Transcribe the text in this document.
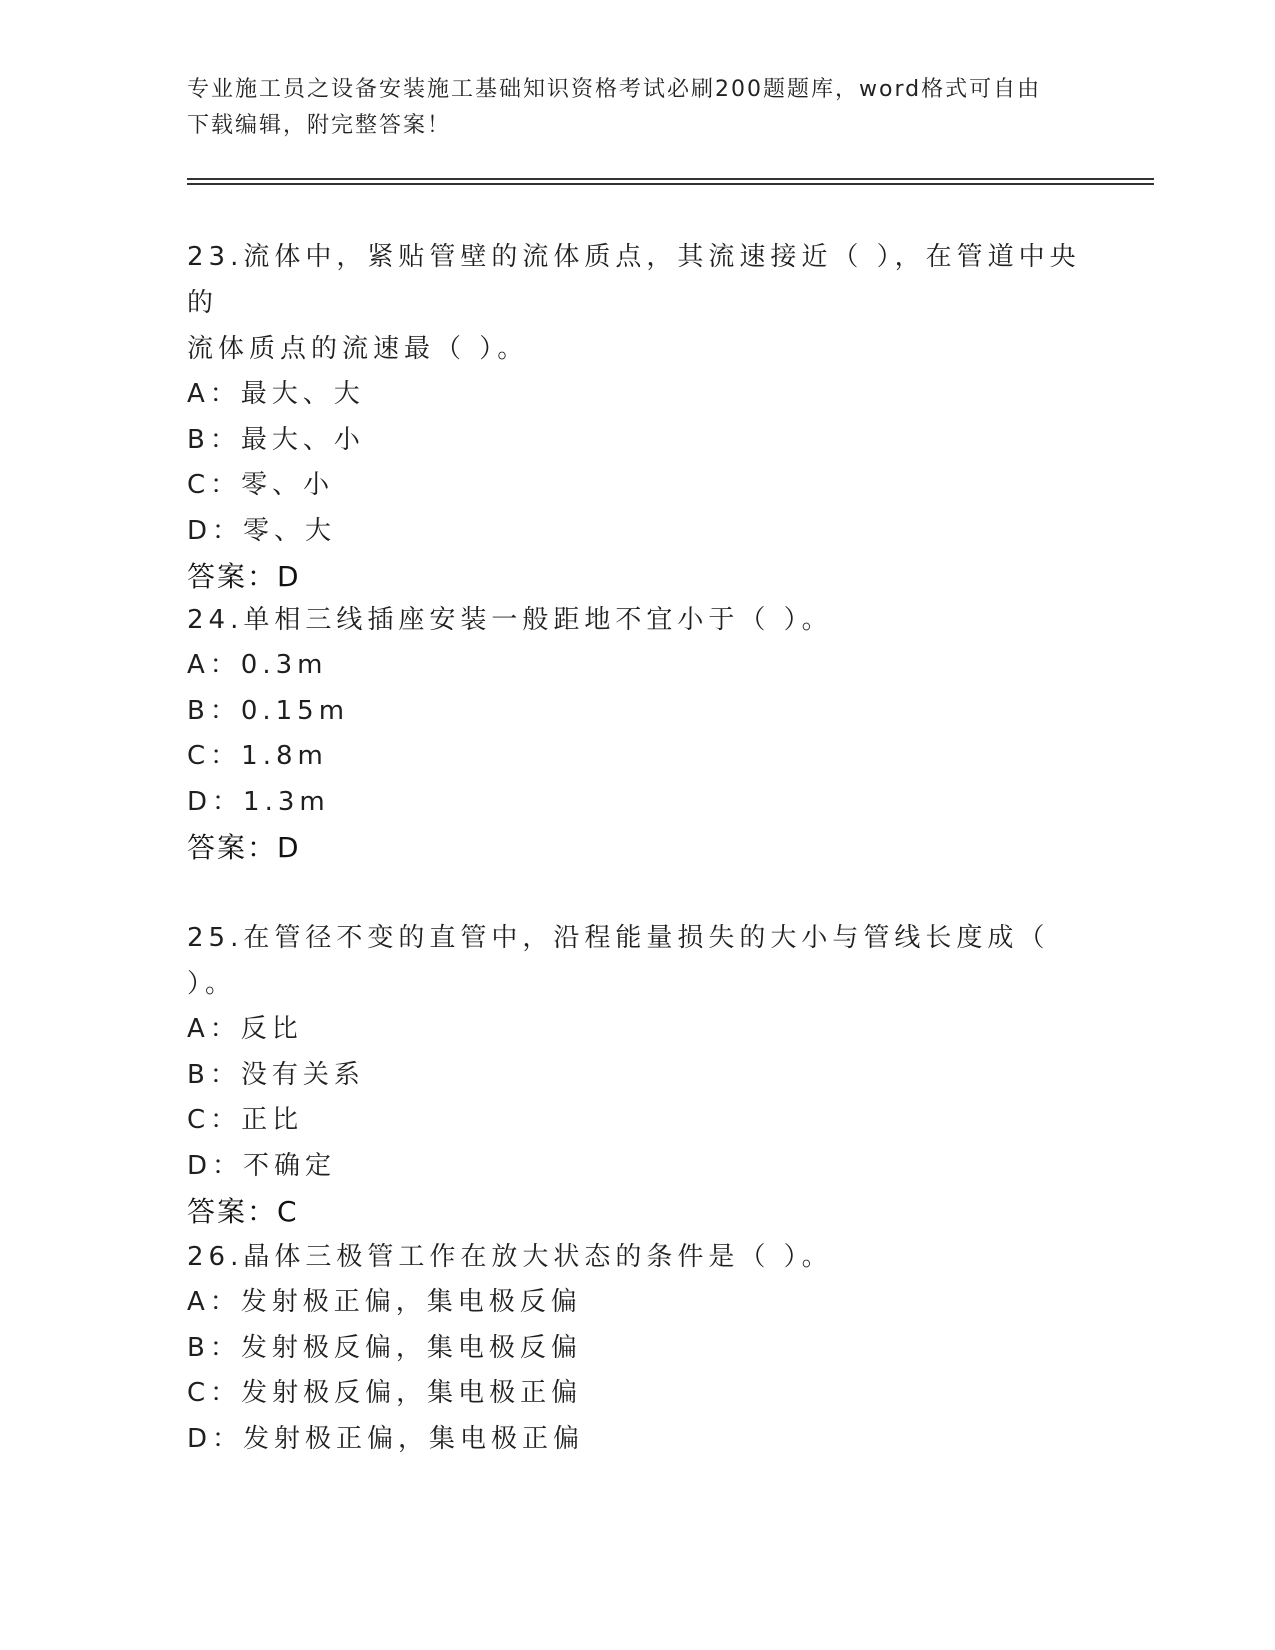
专业施工员之设备安装施工基础知识资格考试必刷200题题库，word格式可自由
下载编辑，附完整答案！

23.流体中，紧贴管壁的流体质点，其流速接近（ ），在管道中央的

流体质点的流速最（ ）。

A：最大、大

B：最大、小

C：零、小

D：零、大

答案：D

24.单相三线插座安装一般距地不宜小于（ ）。

A：0.3m

B：0.15m

C：1.8m

D：1.3m

答案：D

25.在管径不变的直管中，沿程能量损失的大小与管线长度成（ ）。

A：反比

B：没有关系

C：正比

D：不确定

答案：C

26.晶体三极管工作在放大状态的条件是（ ）。

A：发射极正偏，集电极反偏

B：发射极反偏，集电极反偏

C：发射极反偏，集电极正偏

D：发射极正偏，集电极正偏
